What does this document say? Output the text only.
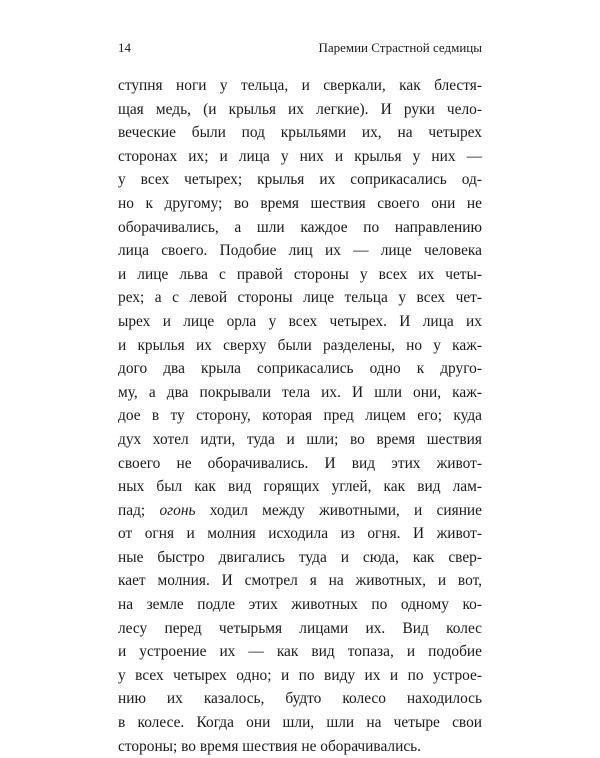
14	Паремии Страстной седмицы
ступня ноги у тельца, и сверкали, как блестя-
щая медь, (и крылья их легкие). И руки чело-
веческие были под крыльями их, на четырех
сторонах их; и лица у них и крылья у них —
у всех четырех; крылья их соприкасались од-
но к другому; во время шествия своего они не
оборачивались, а шли каждое по направлению
лица своего. Подобие лиц их — лице человека
и лице льва с правой стороны у всех их четы-
рех; а с левой стороны лице тельца у всех чет-
ырех и лице орла у всех четырех. И лица их
и крылья их сверху были разделены, но у каж-
дого два крыла соприкасались одно к друго-
му, а два покрывали тела их. И шли они, каж-
дое в ту сторону, которая пред лицем его; куда
дух хотел идти, туда и шли; во время шествия
своего не оборачивались. И вид этих живот-
ных был как вид горящих углей, как вид лам-
пад; огонь ходил между животными, и сияние
от огня и молния исходила из огня. И живот-
ные быстро двигались туда и сюда, как свер-
кает молния. И смотрел я на животных, и вот,
на земле подле этих животных по одному ко-
лесу перед четырьмя лицами их. Вид колес
и устроение их — как вид топаза, и подобие
у всех четырех одно; и по виду их и по устрое-
нию их казалось, будто колесо находилось
в колесе. Когда они шли, шли на четыре свои
стороны; во время шествия не оборачивались.
